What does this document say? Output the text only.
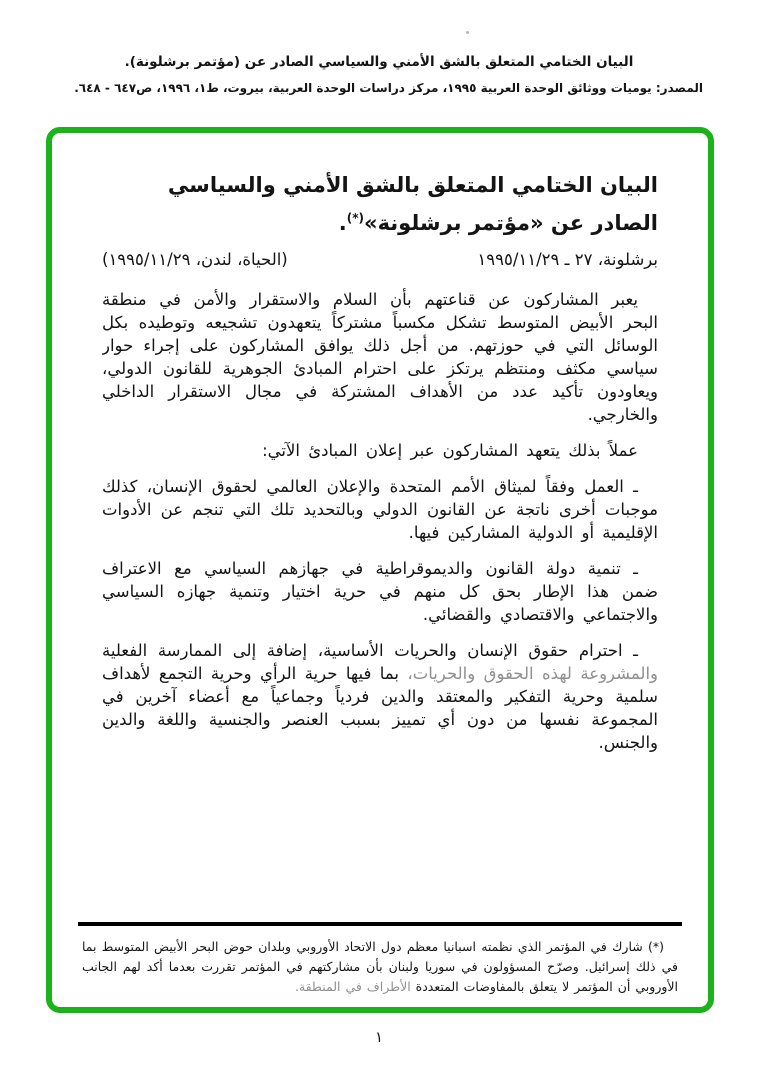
البيان الختامي المتعلق بالشق الأمني والسياسي الصادر عن (مؤتمر برشلونة).
المصدر: يوميات ووثائق الوحدة العربية ١٩٩٥، مركز دراسات الوحدة العربية، بيروت، ط١، ١٩٩٦، ص٦٤٧ - ٦٤٨.
البيان الختامي المتعلق بالشق الأمني والسياسي الصادر عن «مؤتمر برشلونة»(*).
برشلونة، ٢٧ ـ ١٩٩٥/١١/٢٩
(الحياة، لندن، ١٩٩٥/١١/٢٩)

يعبر المشاركون عن قناعتهم بأن السلام والاستقرار والأمن في منطقة البحر الأبيض المتوسط تشكل مكسباً مشتركاً يتعهدون تشجيعه وتوطيده بكل الوسائل التي في حوزتهم. من أجل ذلك يوافق المشاركون على إجراء حوار سياسي مكثف ومنتظم يرتكز على احترام المبادئ الجوهرية للقانون الدولي، ويعاودون تأكيد عدد من الأهداف المشتركة في مجال الاستقرار الداخلي والخارجي.

عملاً بذلك يتعهد المشاركون عبر إعلان المبادئ الآتي:

ـ العمل وفقاً لميثاق الأمم المتحدة والإعلان العالمي لحقوق الإنسان، كذلك موجبات أخرى ناتجة عن القانون الدولي وبالتحديد تلك التي تنجم عن الأدوات الإقليمية أو الدولية المشاركين فيها.

ـ تنمية دولة القانون والديموقراطية في جهازهم السياسي مع الاعتراف ضمن هذا الإطار بحق كل منهم في حرية اختيار وتنمية جهازه السياسي والاجتماعي والاقتصادي والقضائي.

ـ احترام حقوق الإنسان والحريات الأساسية، إضافة إلى الممارسة الفعلية والمشروعة لهذه الحقوق والحريات، بما فيها حرية الرأي وحرية التجمع لأهداف سلمية وحرية التفكير والمعتقد والدين فردياً وجماعياً مع أعضاء آخرين في المجموعة نفسها من دون أي تمييز بسبب العنصر والجنسية واللغة والدين والجنس.

(*) شارك في المؤتمر الذي نظمته اسبانيا معظم دول الاتحاد الأوروبي وبلدان حوض البحر الأبيض المتوسط بما في ذلك إسرائيل. وصرّح المسؤولون في سوريا ولبنان بأن مشاركتهم في المؤتمر تقررت بعدما أكد لهم الجانب الأوروبي أن المؤتمر لا يتعلق بالمفاوضات المتعددة الأطراف في المنطقة.
١
